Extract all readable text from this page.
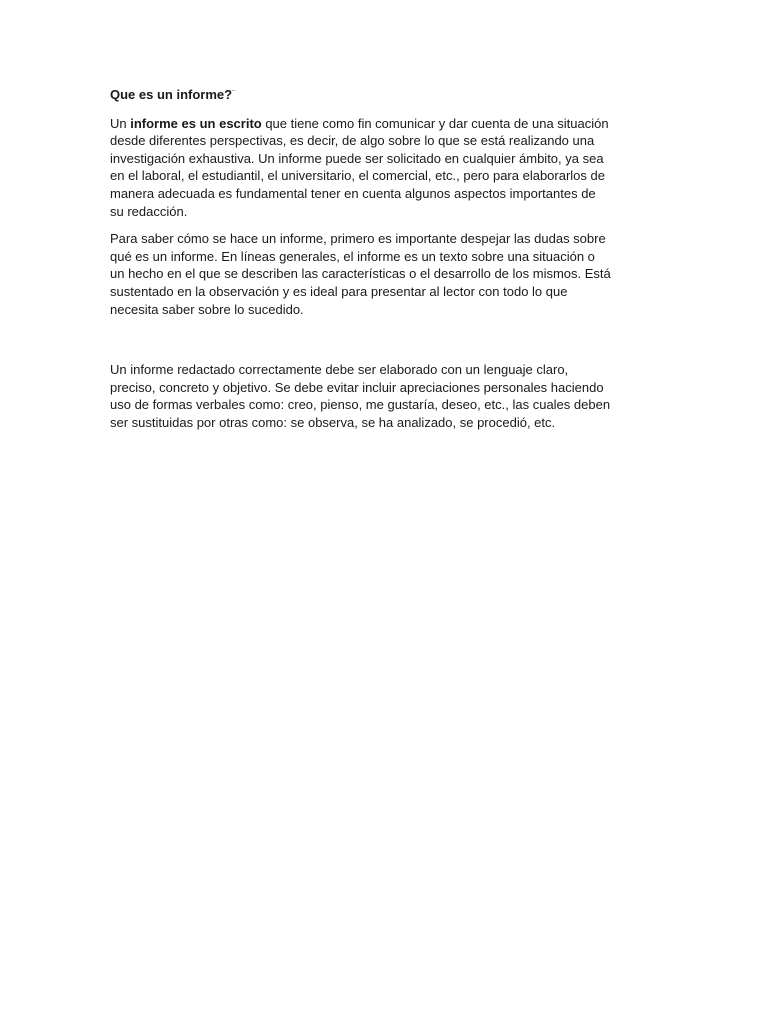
Que es un informe?¨

Un informe es un escrito que tiene como fin comunicar y dar cuenta de una situación
desde diferentes perspectivas, es decir, de algo sobre lo que se está realizando una
investigación exhaustiva. Un informe puede ser solicitado en cualquier ámbito, ya sea
en el laboral, el estudiantil, el universitario, el comercial, etc., pero para elaborarlos de
manera adecuada es fundamental tener en cuenta algunos aspectos importantes de
su redacción.

Para saber cómo se hace un informe, primero es importante despejar las dudas sobre
qué es un informe. En líneas generales, el informe es un texto sobre una situación o
un hecho en el que se describen las características o el desarrollo de los mismos. Está
sustentado en la observación y es ideal para presentar al lector con todo lo que
necesita saber sobre lo sucedido.

Un informe redactado correctamente debe ser elaborado con un lenguaje claro,
preciso, concreto y objetivo. Se debe evitar incluir apreciaciones personales haciendo
uso de formas verbales como: creo, pienso, me gustaría, deseo, etc., las cuales deben
ser sustituidas por otras como: se observa, se ha analizado, se procedió, etc.
